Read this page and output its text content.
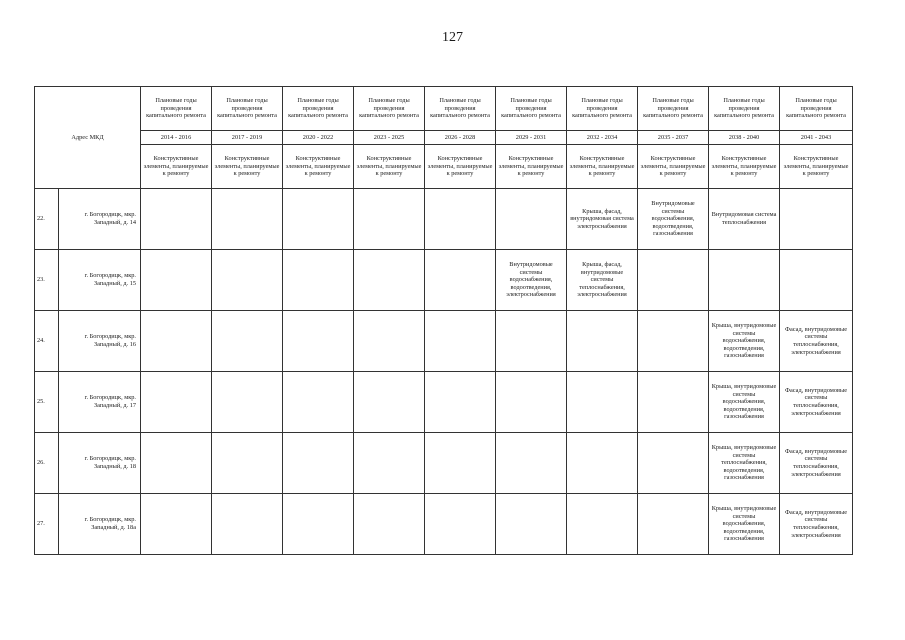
127
Адрес МКД		Плановые годы проведения капитального ремонта	Плановые годы проведения капитального ремонта	Плановые годы проведения капитального ремонта	Плановые годы проведения капитального ремонта	Плановые годы проведения капитального ремонта	Плановые годы проведения капитального ремонта	Плановые годы проведения капитального ремонта	Плановые годы проведения капитального ремонта	Плановые годы проведения капитального ремонта	Плановые годы проведения капитального ремонта
		2014 - 2016	2017 - 2019	2020 - 2022	2023 - 2025	2026 - 2028	2029 - 2031	2032 - 2034	2035 - 2037	2038 - 2040	2041 - 2043
		Конструктивные элементы, планируемые к ремонту	Конструктивные элементы, планируемые к ремонту	Конструктивные элементы, планируемые к ремонту	Конструктивные элементы, планируемые к ремонту	Конструктивные элементы, планируемые к ремонту	Конструктивные элементы, планируемые к ремонту	Конструктивные элементы, планируемые к ремонту	Конструктивные элементы, планируемые к ремонту	Конструктивные элементы, планируемые к ремонту	Конструктивные элементы, планируемые к ремонту
22.	г. Богородицк, мкр. Западный, д. 14							Крыша, фасад, внутридомовая система электроснабжения	Внутридомовые системы водоснабжения, водоотведения, газоснабжения	Внутридомовая система теплоснабжения	
23.	г. Богородицк, мкр. Западный, д. 15						Внутридомовые системы водоснабжения, водоотведения, электроснабжения	Крыша, фасад, внутридомовые системы теплоснабжения, электроснабжения			
24.	г. Богородицк, мкр. Западный, д. 16									Крыша, внутридомовые системы водоснабжения, водоотведения, газоснабжения	Фасад, внутридомовые системы теплоснабжения, электроснабжения
25.	г. Богородицк, мкр. Западный, д. 17									Крыша, внутридомовые системы водоснабжения, водоотведения, газоснабжения	Фасад, внутридомовые системы теплоснабжения, электроснабжения
26.	г. Богородицк, мкр. Западный, д. 18									Крыша, внутридомовые системы теплоснабжения, водоотведения, газоснабжения	Фасад, внутридомовые системы теплоснабжения, электроснабжения
27.	г. Богородицк, мкр. Западный, д. 18а									Крыша, внутридомовые системы водоснабжения, водоотведения, газоснабжения	Фасад, внутридомовые системы теплоснабжения, электроснабжения
